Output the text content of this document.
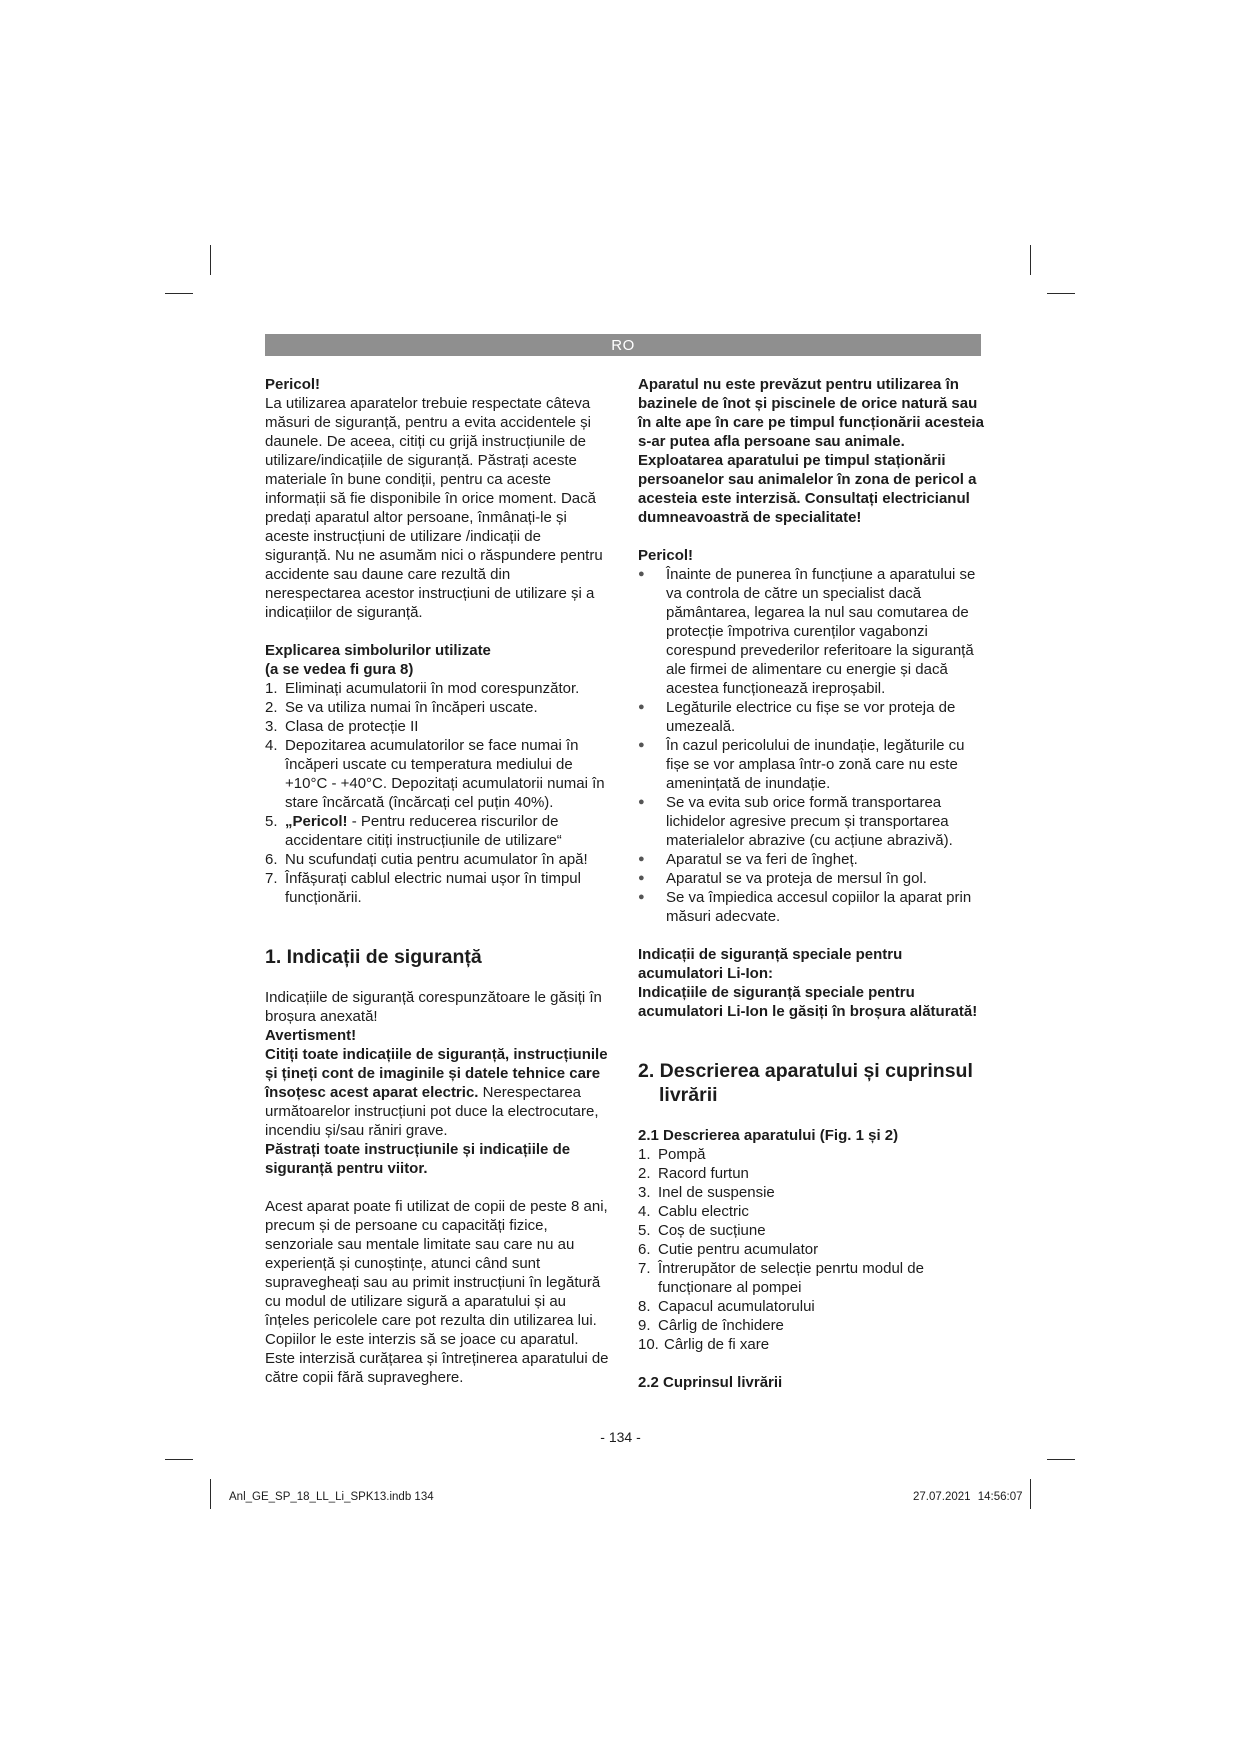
RO

Pericol!

La utilizarea aparatelor trebuie respectate câteva măsuri de siguranță, pentru a evita accidentele și daunele. De aceea, citiți cu grijă instrucțiunile de utilizare/indicațiile de siguranță. Păstrați aceste materiale în bune condiții, pentru ca aceste informații să fie disponibile în orice moment. Dacă predați aparatul altor persoane, înmânați-le și aceste instrucțiuni de utilizare /indicații de siguranță. Nu ne asumăm nici o răspundere pentru accidente sau daune care rezultă din nerespectarea acestor instrucțiuni de utilizare și a indicațiilor de siguranță.

Explicarea simbolurilor utilizate

(a se vedea fi gura 8)

1. Eliminați acumulatorii în mod corespunzător.
2. Se va utiliza numai în încăperi uscate.
3. Clasa de protecție II
4. Depozitarea acumulatorilor se face numai în încăperi uscate cu temperatura mediului de +10°C - +40°C. Depozitați acumulatorii numai în stare încărcată (încărcați cel puțin 40%).
5. „Pericol! - Pentru reducerea riscurilor de accidentare citiți instrucțiunile de utilizare“
6. Nu scufundați cutia pentru acumulator în apă!
7. Înfășurați cablul electric numai ușor în timpul funcționării.
1. Indicații de siguranță

Indicațiile de siguranță corespunzătoare le găsiți în broșura anexată!

Avertisment!

Citiți toate indicațiile de siguranță, instrucțiunile și țineți cont de imaginile și datele tehnice care însoțesc acest aparat electric. Nerespectarea următoarelor instrucțiuni pot duce la electrocutare, incendiu și/sau răniri grave.

Păstrați toate instrucțiunile și indicațiile de siguranță pentru viitor.

Acest aparat poate fi utilizat de copii de peste 8 ani, precum și de persoane cu capacități fizice, senzoriale sau mentale limitate sau care nu au experiență și cunoștințe, atunci când sunt supravegheați sau au primit instrucțiuni în legătură cu modul de utilizare sigură a aparatului și au înțeles pericolele care pot rezulta din utilizarea lui. Copiilor le este interzis să se joace cu aparatul. Este interzisă curățarea și întreținerea aparatului de către copii fără supraveghere.

Aparatul nu este prevăzut pentru utilizarea în bazinele de înot și piscinele de orice natură sau în alte ape în care pe timpul funcționării acesteia s-ar putea afla persoane sau animale. Exploatarea aparatului pe timpul staționării persoanelor sau animalelor în zona de pericol a acesteia este interzisă. Consultați electricianul dumneavoastră de specialitate!

Pericol!

●	Înainte de punerea în funcțiune a aparatului se va controla de către un specialist dacă pământarea, legarea la nul sau comutarea de protecție împotriva curenților vagabonzi corespund prevederilor referitoare la siguranță ale firmei de alimentare cu energie și dacă acestea funcționează ireproșabil.
●	Legăturile electrice cu fișe se vor proteja de umezeală.
●	În cazul pericolului de inundație, legăturile cu fișe se vor amplasa într-o zonă care nu este amenințată de inundație.
●	Se va evita sub orice formă transportarea lichidelor agresive precum și transportarea materialelor abrazive (cu acțiune abrazivă).
●	Aparatul se va feri de îngheț.
●	Aparatul se va proteja de mersul în gol.
●	Se va împiedica accesul copiilor la aparat prin măsuri adecvate.

Indicații de siguranță speciale pentru acumulatori Li-Ion:

Indicațiile de siguranță speciale pentru acumulatori Li-Ion le găsiți în broșura alăturată!

2. Descrierea aparatului și cuprinsul
livrării

2.1 Descrierea aparatului (Fig. 1 și 2)

1. Pompă
2. Racord furtun
3. Inel de suspensie
4. Cablu electric
5. Coș de sucțiune
6. Cutie pentru acumulator
7. Întrerupător de selecție penrtu modul de funcționare al pompei
8. Capacul acumulatorului
9. Cârlig de închidere
10. Cârlig de fi xare

2.2 Cuprinsul livrării

- 134 -
Anl_GE_SP_18_LL_Li_SPK13.indb 134	27.07.2021 14:56:07
